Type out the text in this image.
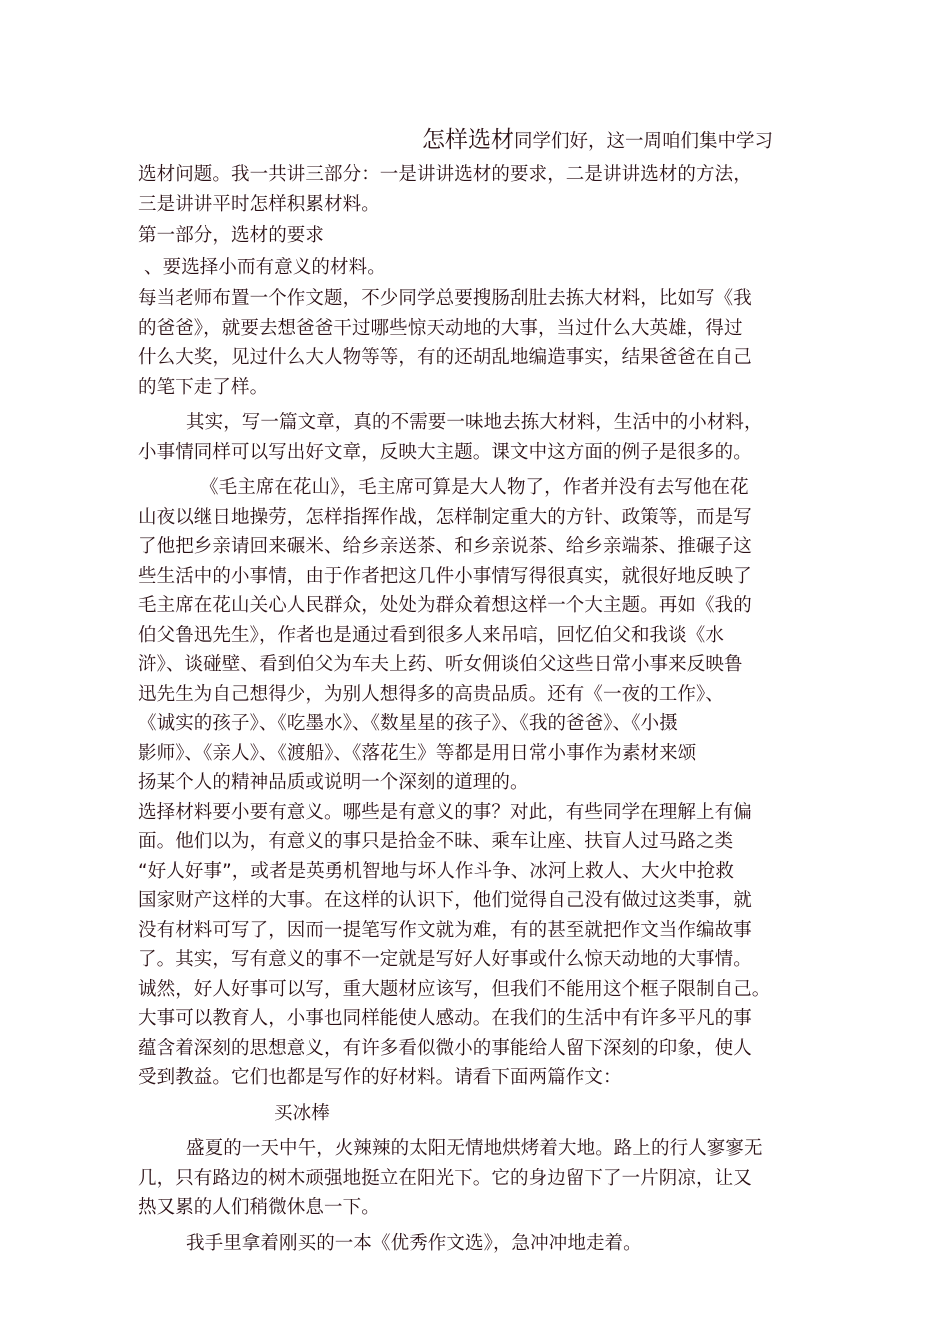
怎样选材同学们好，这一周咱们集中学习
选材问题。我一共讲三部分：一是讲讲选材的要求，二是讲讲选材的方法，
三是讲讲平时怎样积累材料。
第一部分，选材的要求
、要选择小而有意义的材料。
每当老师布置一个作文题，不少同学总要搜肠刮肚去拣大材料，比如写《我
的爸爸》，就要去想爸爸干过哪些惊天动地的大事，当过什么大英雄，得过
什么大奖，见过什么大人物等等，有的还胡乱地编造事实，结果爸爸在自己
的笔下走了样。
其实，写一篇文章，真的不需要一味地去拣大材料，生活中的小材料，
小事情同样可以写出好文章，反映大主题。课文中这方面的例子是很多的。
《毛主席在花山》，毛主席可算是大人物了，作者并没有去写他在花
山夜以继日地操劳，怎样指挥作战，怎样制定重大的方针、政策等，而是写
了他把乡亲请回来碾米、给乡亲送茶、和乡亲说茶、给乡亲端茶、推碾子这
些生活中的小事情，由于作者把这几件小事情写得很真实，就很好地反映了
毛主席在花山关心人民群众，处处为群众着想这样一个大主题。再如《我的
伯父鲁迅先生》，作者也是通过看到很多人来吊唁，回忆伯父和我谈《水
浒》、谈碰壁、看到伯父为车夫上药、听女佣谈伯父这些日常小事来反映鲁
迅先生为自己想得少，为别人想得多的高贵品质。还有《一夜的工作》、
《诚实的孩子》、《吃墨水》、《数星星的孩子》、《我的爸爸》、《小摄
影师》、《亲人》、《渡船》、《落花生》等都是用日常小事作为素材来颂
扬某个人的精神品质或说明一个深刻的道理的。
选择材料要小要有意义。哪些是有意义的事？对此，有些同学在理解上有偏
面。他们以为，有意义的事只是拾金不昧、乘车让座、扶盲人过马路之类
“好人好事”，或者是英勇机智地与坏人作斗争、冰河上救人、大火中抢救
国家财产这样的大事。在这样的认识下，他们觉得自己没有做过这类事，就
没有材料可写了，因而一提笔写作文就为难，有的甚至就把作文当作编故事
了。其实，写有意义的事不一定就是写好人好事或什么惊天动地的大事情。
诚然，好人好事可以写，重大题材应该写，但我们不能用这个框子限制自己。
大事可以教育人，小事也同样能使人感动。在我们的生活中有许多平凡的事
蕴含着深刻的思想意义，有许多看似微小的事能给人留下深刻的印象，使人
受到教益。它们也都是写作的好材料。请看下面两篇作文：
买冰棒
盛夏的一天中午，火辣辣的太阳无情地烘烤着大地。路上的行人寥寥无
几，只有路边的树木顽强地挺立在阳光下。它的身边留下了一片阴凉，让又
热又累的人们稍微休息一下。
我手里拿着刚买的一本《优秀作文选》，急冲冲地走着。
